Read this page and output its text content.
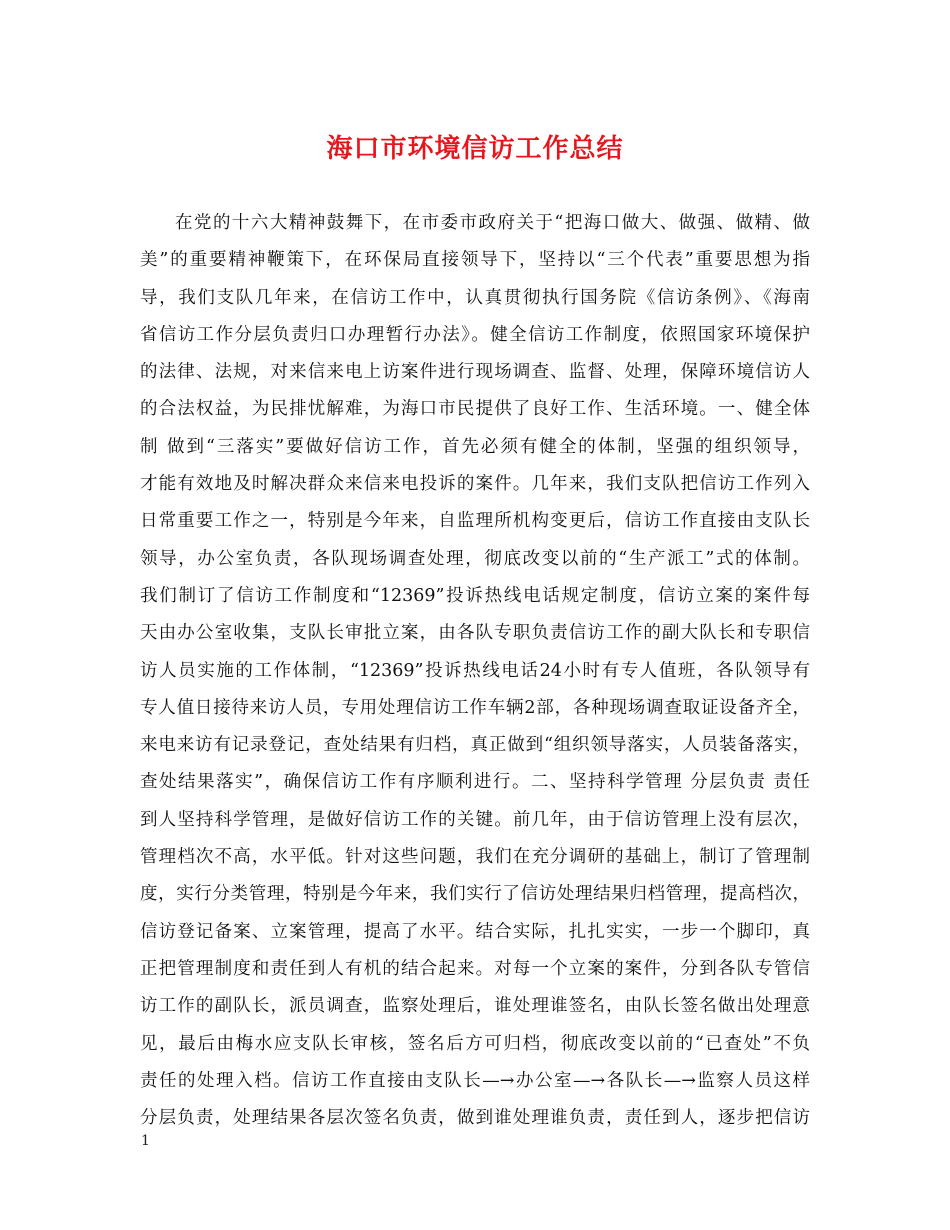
海口市环境信访工作总结
在党的十六大精神鼓舞下，在市委市政府关于“把海口做大、做强、做精、做
美”的重要精神鞭策下，在环保局直接领导下，坚持以“三个代表”重要思想为指
导，我们支队几年来，在信访工作中，认真贯彻执行国务院《信访条例》、《海南
省信访工作分层负责归口办理暂行办法》。健全信访工作制度，依照国家环境保护
的法律、法规，对来信来电上访案件进行现场调查、监督、处理，保障环境信访人
的合法权益，为民排忧解难，为海口市民提供了良好工作、生活环境。一、健全体
制 做到“三落实”要做好信访工作，首先必须有健全的体制，坚强的组织领导，
才能有效地及时解决群众来信来电投诉的案件。几年来，我们支队把信访工作列入
日常重要工作之一，特别是今年来，自监理所机构变更后，信访工作直接由支队长
领导，办公室负责，各队现场调查处理，彻底改变以前的“生产派工”式的体制。
我们制订了信访工作制度和“12369”投诉热线电话规定制度，信访立案的案件每
天由办公室收集，支队长审批立案，由各队专职负责信访工作的副大队长和专职信
访人员实施的工作体制，“12369”投诉热线电话24小时有专人值班，各队领导有
专人值日接待来访人员，专用处理信访工作车辆2部，各种现场调查取证设备齐全，
来电来访有记录登记，查处结果有归档，真正做到“组织领导落实，人员装备落实，
查处结果落实”，确保信访工作有序顺利进行。二、坚持科学管理 分层负责 责任
到人坚持科学管理，是做好信访工作的关键。前几年，由于信访管理上没有层次，
管理档次不高，水平低。针对这些问题，我们在充分调研的基础上，制订了管理制
度，实行分类管理，特别是今年来，我们实行了信访处理结果归档管理，提高档次，
信访登记备案、立案管理，提高了水平。结合实际，扎扎实实，一步一个脚印，真
正把管理制度和责任到人有机的结合起来。对每一个立案的案件，分到各队专管信
访工作的副队长，派员调查，监察处理后，谁处理谁签名，由队长签名做出处理意
见，最后由梅水应支队长审核，签名后方可归档，彻底改变以前的“已查处”不负
责任的处理入档。信访工作直接由支队长—→办公室—→各队长—→监察人员这样
分层负责，处理结果各层次签名负责，做到谁处理谁负责，责任到人，逐步把信访
1
